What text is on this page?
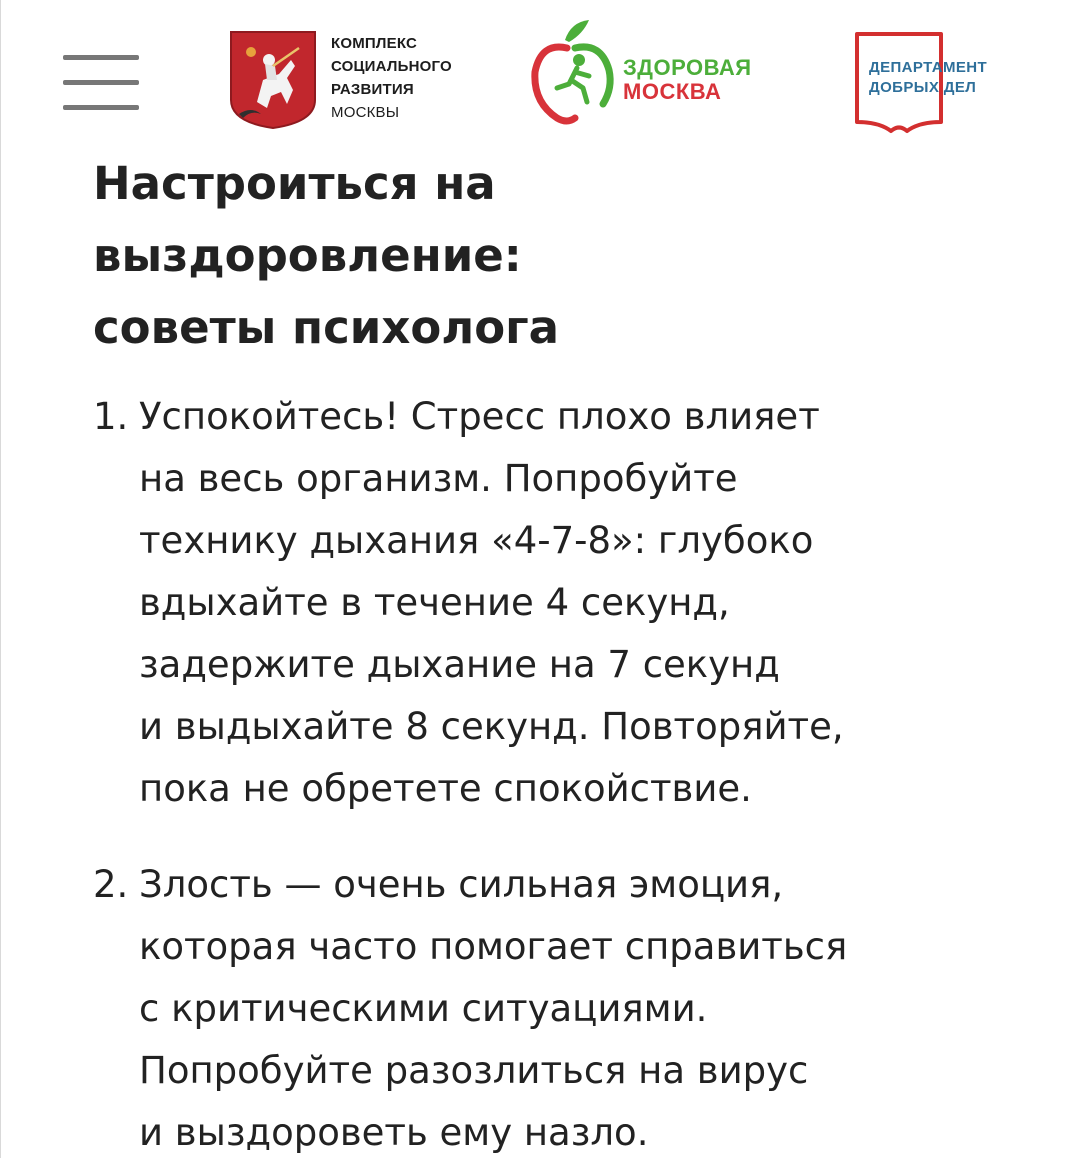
КОМПЛЕКС
СОЦИАЛЬНОГО
РАЗВИТИЯ
МОСКВЫ
ЗДОРОВАЯ
МОСКВА
ДЕПАРТАМЕНТ
ДОБРЫХ ДЕЛ
Настроиться на
выздоровление:
советы психолога
1. Успокойтесь! Стресс плохо влияет
на весь организм. Попробуйте
технику дыхания «4-7-8»: глубоко
вдыхайте в течение 4 секунд,
задержите дыхание на 7 секунд
и выдыхайте 8 секунд. Повторяйте,
пока не обретете спокойствие.
2. Злость — очень сильная эмоция,
которая часто помогает справиться
с критическими ситуациями.
Попробуйте разозлиться на вирус
и выздороветь ему назло.
